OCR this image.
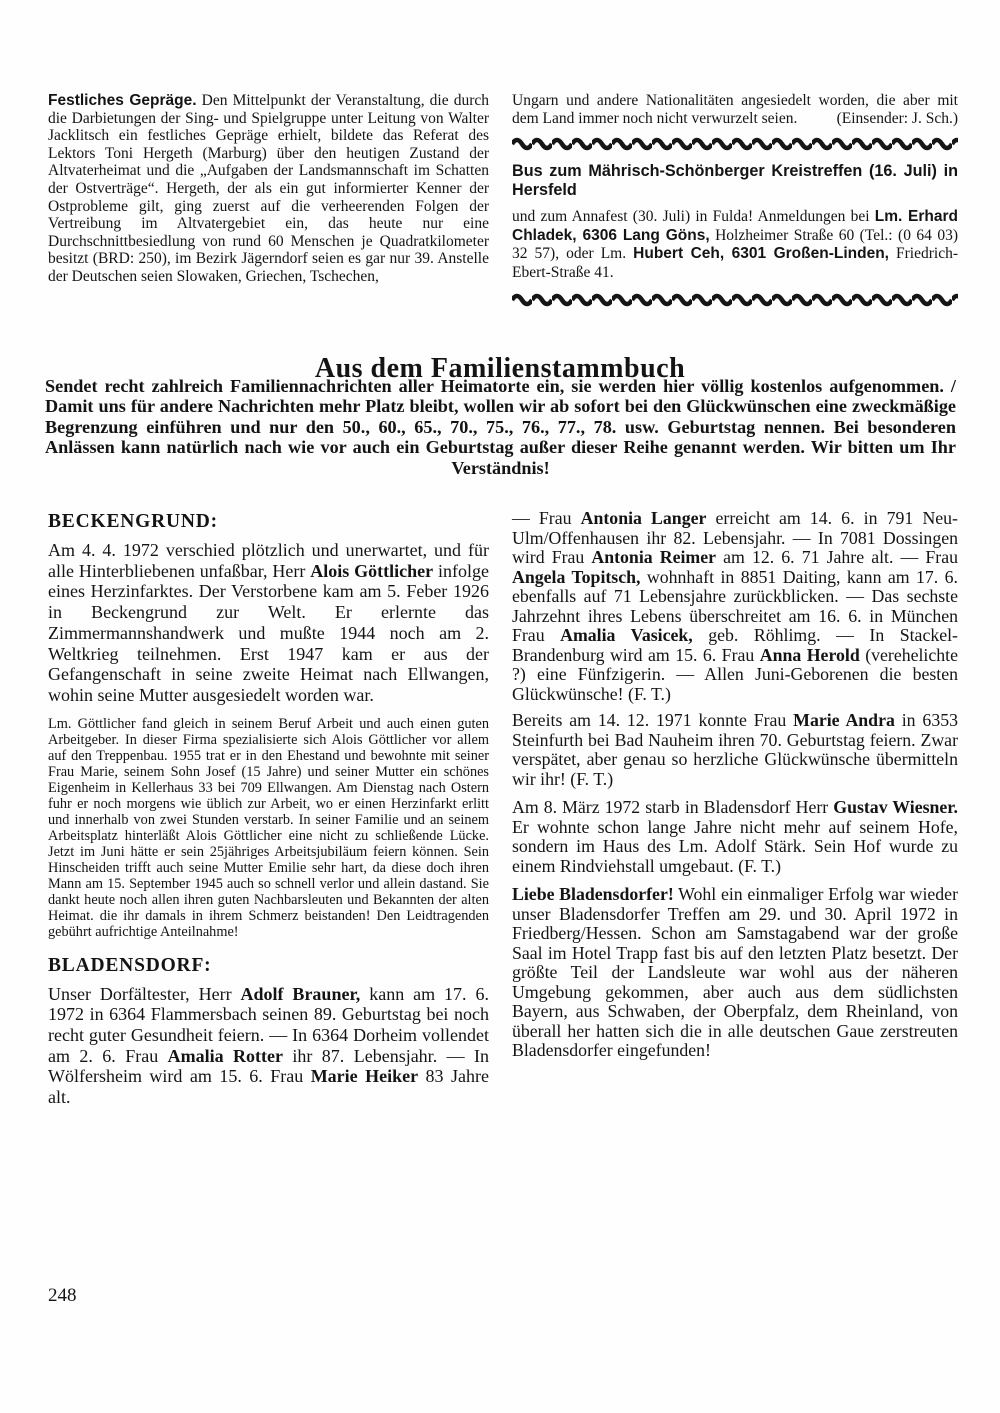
Festliches Gepräge. Den Mittelpunkt der Veranstaltung, die durch die Darbietungen der Sing- und Spielgruppe unter Leitung von Walter Jacklitsch ein festliches Gepräge erhielt, bildete das Referat des Lektors Toni Hergeth (Marburg) über den heutigen Zustand der Altvaterheimat und die „Aufgaben der Landsmannschaft im Schatten der Ostverträge“. Hergeth, der als ein gut informierter Kenner der Ostprobleme gilt, ging zuerst auf die verheerenden Folgen der Vertreibung im Altvatergebiet ein, das heute nur eine Durchschnittbesiedlung von rund 60 Menschen je Quadratkilometer besitzt (BRD: 250), im Bezirk Jägerndorf seien es gar nur 39. Anstelle der Deutschen seien Slowaken, Griechen, Tschechen,

Ungarn und andere Nationalitäten angesiedelt worden, die aber mit dem Land immer noch nicht verwurzelt seien.	(Einsender: J. Sch.)

Bus zum Mährisch-Schönberger Kreistreffen (16. Juli) in Hersfeld

und zum Annafest (30. Juli) in Fulda! Anmeldungen bei Lm. Erhard Chladek, 6306 Lang Göns, Holzheimer Straße 60 (Tel.: (0 64 03) 32 57), oder Lm. Hubert Ceh, 6301 Großen-Linden, Friedrich-Ebert-Straße 41.

Aus dem Familienstammbuch

Sendet recht zahlreich Familiennachrichten aller Heimatorte ein, sie werden hier völlig kostenlos aufgenommen. / Damit uns für andere Nachrichten mehr Platz bleibt, wollen wir ab sofort bei den Glückwünschen eine zweckmäßige Begrenzung einführen und nur den 50., 60., 65., 70., 75., 76., 77., 78. usw. Geburtstag nennen. Bei besonderen Anlässen kann natürlich nach wie vor auch ein Geburtstag außer dieser Reihe genannt werden. Wir bitten um Ihr Verständnis!

BECKENGRUND:

Am 4. 4. 1972 verschied plötzlich und unerwartet, und für alle Hinterbliebenen unfaßbar, Herr Alois Göttlicher infolge eines Herzinfarktes. Der Verstorbene kam am 5. Feber 1926 in Beckengrund zur Welt. Er erlernte das Zimmermannshandwerk und mußte 1944 noch am 2. Weltkrieg teilnehmen. Erst 1947 kam er aus der Gefangenschaft in seine zweite Heimat nach Ellwangen, wohin seine Mutter ausgesiedelt worden war.

Lm. Göttlicher fand gleich in seinem Beruf Arbeit und auch einen guten Arbeitgeber. In dieser Firma spezialisierte sich Alois Göttlicher vor allem auf den Treppenbau. 1955 trat er in den Ehestand und bewohnte mit seiner Frau Marie, seinem Sohn Josef (15 Jahre) und seiner Mutter ein schönes Eigenheim in Kellerhaus 33 bei 709 Ellwangen. Am Dienstag nach Ostern fuhr er noch morgens wie üblich zur Arbeit, wo er einen Herzinfarkt erlitt und innerhalb von zwei Stunden verstarb. In seiner Familie und an seinem Arbeitsplatz hinterläßt Alois Göttlicher eine nicht zu schließende Lücke. Jetzt im Juni hätte er sein 25jähriges Arbeitsjubiläum feiern können. Sein Hinscheiden trifft auch seine Mutter Emilie sehr hart, da diese doch ihren Mann am 15. September 1945 auch so schnell verlor und allein dastand. Sie dankt heute noch allen ihren guten Nachbarsleuten und Bekannten der alten Heimat. die ihr damals in ihrem Schmerz beistanden! Den Leidtragenden gebührt aufrichtige Anteilnahme!

BLADENSDORF:

Unser Dorfältester, Herr Adolf Brauner, kann am 17. 6. 1972 in 6364 Flammersbach seinen 89. Geburtstag bei noch recht guter Gesundheit feiern. — In 6364 Dorheim vollendet am 2. 6. Frau Amalia Rotter ihr 87. Lebensjahr. — In Wölfersheim wird am 15. 6. Frau Marie Heiker 83 Jahre alt.

— Frau Antonia Langer erreicht am 14. 6. in 791 Neu-Ulm/Offenhausen ihr 82. Lebensjahr. — In 7081 Dossingen wird Frau Antonia Reimer am 12. 6. 71 Jahre alt. — Frau Angela Topitsch, wohnhaft in 8851 Daiting, kann am 17. 6. ebenfalls auf 71 Lebensjahre zurückblicken. — Das sechste Jahrzehnt ihres Lebens überschreitet am 16. 6. in München Frau Amalia Vasicek, geb. Röhlimg. — In Stackel-Brandenburg wird am 15. 6. Frau Anna Herold (verehelichte ?) eine Fünfzigerin. — Allen Juni-Geborenen die besten Glückwünsche! (F. T.)

Bereits am 14. 12. 1971 konnte Frau Marie Andra in 6353 Steinfurth bei Bad Nauheim ihren 70. Geburtstag feiern. Zwar verspätet, aber genau so herzliche Glückwünsche übermitteln wir ihr! (F. T.)

Am 8. März 1972 starb in Bladensdorf Herr Gustav Wiesner. Er wohnte schon lange Jahre nicht mehr auf seinem Hofe, sondern im Haus des Lm. Adolf Stärk. Sein Hof wurde zu einem Rindviehstall umgebaut. (F. T.)

Liebe Bladensdorfer! Wohl ein einmaliger Erfolg war wieder unser Bladensdorfer Treffen am 29. und 30. April 1972 in Friedberg/Hessen. Schon am Samstagabend war der große Saal im Hotel Trapp fast bis auf den letzten Platz besetzt. Der größte Teil der Landsleute war wohl aus der näheren Umgebung gekommen, aber auch aus dem südlichsten Bayern, aus Schwaben, der Oberpfalz, dem Rheinland, von überall her hatten sich die in alle deutschen Gaue zerstreuten Bladensdorfer eingefunden!

248
